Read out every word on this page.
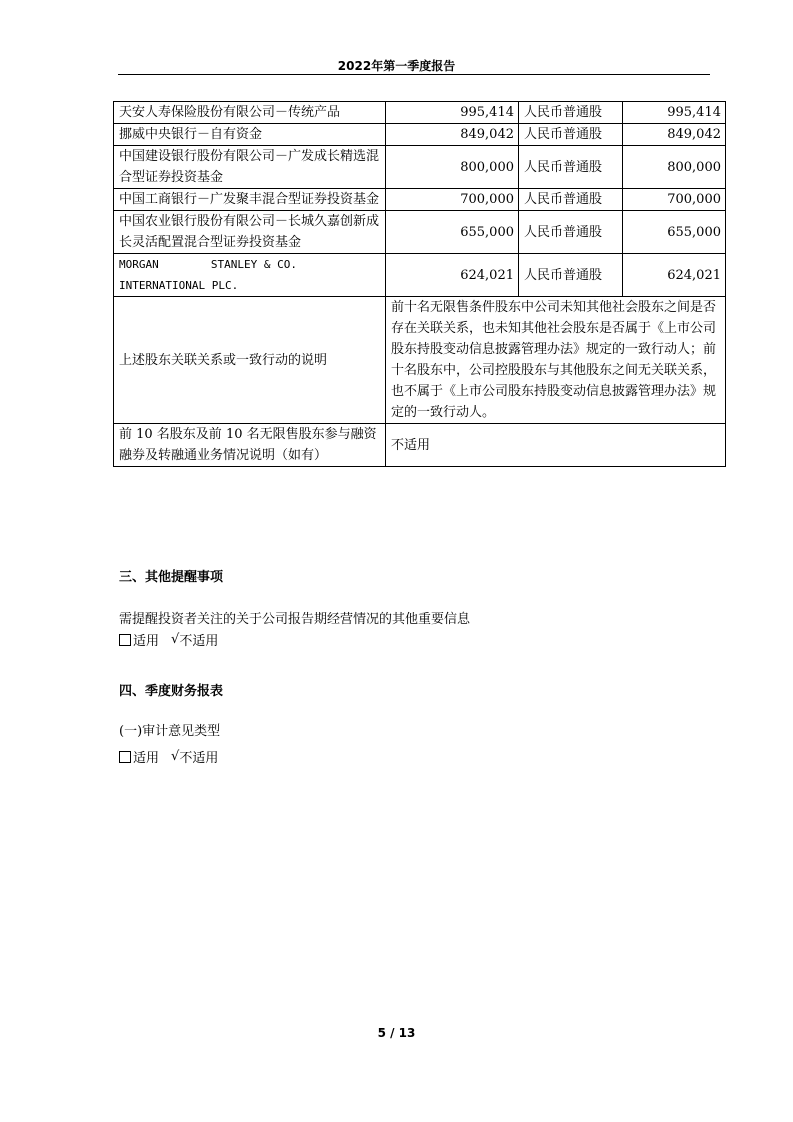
2022年第一季度报告
天安人寿保险股份有限公司－传统产品	995,414	人民币普通股	995,414
挪威中央银行－自有资金	849,042	人民币普通股	849,042
中国建设银行股份有限公司－广发成长精选混合型证券投资基金	800,000	人民币普通股	800,000
中国工商银行－广发聚丰混合型证券投资基金	700,000	人民币普通股	700,000
中国农业银行股份有限公司－长城久嘉创新成长灵活配置混合型证券投资基金	655,000	人民币普通股	655,000

MORGAN STANLEY & CO.
INTERNATIONAL PLC.	624,021	人民币普通股	624,021
上述股东关联关系或一致行动的说明	前十名无限售条件股东中公司未知其他社会股东之间是否存在关联关系，也未知其他社会股东是否属于《上市公司股东持股变动信息披露管理办法》规定的一致行动人；前十名股东中，公司控股股东与其他股东之间无关联关系，也不属于《上市公司股东持股变动信息披露管理办法》规定的一致行动人。		
前 10 名股东及前 10 名无限售股东参与融资融券及转融通业务情况说明（如有）	不适用		
三、其他提醒事项
需提醒投资者关注的关于公司报告期经营情况的其他重要信息
适用 √ 不适用
四、季度财务报表
(一)审计意见类型
适用 √ 不适用
5 / 13
